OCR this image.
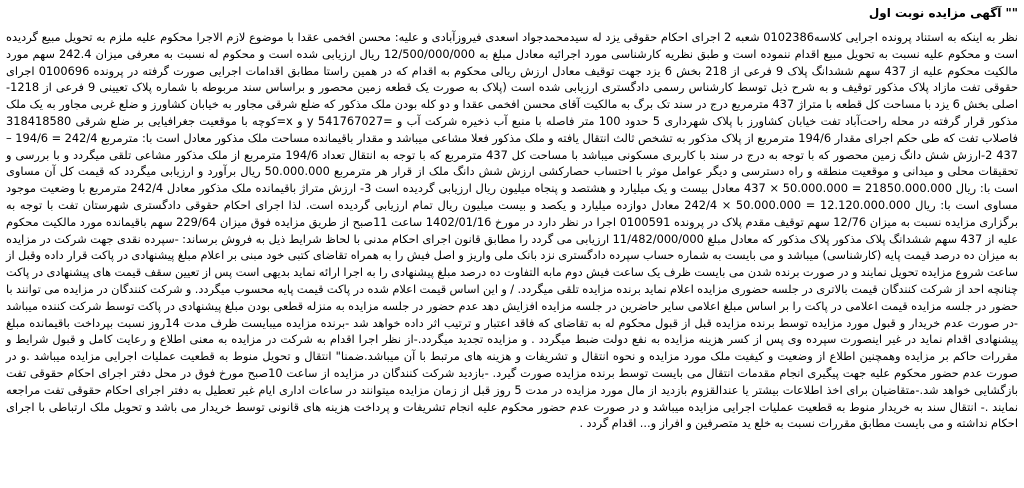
"" آگهی مزایده نوبت اول

نظر به اینکه به استناد پرونده اجرایی کلاسه0102386 شعبه 2 اجرای احکام حقوقی یزد له سیدمحمدجواد اسعدی فیروزآبادی و علیه: محسن افخمی عقدا با موضوع لازم الاجرا محکوم علیه ملزم به تحویل مبیع گردیده است و محکوم علیه نسبت به تحویل مبیع اقدام ننموده است و طبق نظریه کارشناسی مورد اجرائیه معادل مبلغ به 12/500/000/000 ریال ارزیابی شده است و محکوم له نسبت به معرفی میزان 242.4 سهم مورد مالکیت محکوم علیه از 437 سهم ششدانگ پلاک 9 فرعی از 218 بخش 6 یزد جهت توقیف معادل ارزش ریالی محکوم به اقدام که در همین راستا مطابق اقدامات اجرایی صورت گرفته در پرونده 0100696 اجرای حقوقی تفت مازاد پلاک مذکور توقیف و به شرح ذیل توسط کارشناس رسمی دادگستری ارزیابی شده است (پلاک به صورت یک قطعه زمین محصور و براساس سند مربوطه با شماره پلاک تعیینی 9 فرعی از 1218- اصلی بخش 6 یزد با مساحت کل قطعه با متراژ 437 مترمربع درج در سند تک برگ به مالکیت آقای محسن افخمی عقدا و دو کله بودن ملک مذکور که ضلع شرقی مجاور به خیابان کشاورز و ضلع غربی مجاور به یک ملک مذکور قرار گرفته در محله راحت‌آباد تفت خیابان کشاورز با پلاک شهرداری 5 حدود 100 متر فاصله با منبع آب ذخیره شرکت آب و =y 541767027 و x=کوچه با موقعیت جغرافیایی بر ضلع شرقی 318418580 فاصلاب تفت که طی حکم اجرای مقدار 194/6 مترمربع از پلاک مذکور به تشخص ثالث انتقال یافته و ملک مذکور فعلا مشاعی میباشد و مقدار باقیمانده مساحت ملک مذکور معادل است با: مترمربع 242/4 = 194/6 – 437 2-ارزش شش دانگ زمین محصور که با توجه به درج در سند با کاربری مسکونی میباشد با مساحت کل 437 مترمربع که با توجه به انتقال تعداد 194/6 مترمربع از ملک مذکور مشاعی تلقی میگردد و با بررسی و تحقیقات محلی و میدانی و موقعیت منطقه و راه دسترسی و دیگر عوامل موثر با احتساب حصارکشی ارزش شش دانگ ملک از قرار هر مترمربع 50.000.000 ریال برآورد و ارزیابی میگردد که قیمت کل آن مساوی است با: ریال 21850.000.000 = 50.000.000 × 437 معادل بیست و یک میلیارد و هشتصد و پنجاه میلیون ریال ارزیابی گردیده است 3- ارزش متراژ باقیمانده ملک مذکور معادل 242/4 مترمربع با وضعیت موجود مساوی است با: ریال 12.120.000.000 = 50.000.000 × 242/4 معادل دوازده میلیارد و یکصد و بیست میلیون ریال تمام ارزیابی گردیده است. لذا اجرای احکام حقوقی دادگستری شهرستان تفت با توجه به برگزاری مزایده نسبت به میزان 12/76 سهم توقیف مقدم پلاک در پرونده 0100591 اجرا در نظر دارد در مورخ 1402/01/16 ساعت 11صبح از طریق مزایده فوق میزان 229/64 سهم باقیمانده مورد مالکیت محکوم علیه از 437 سهم ششدانگ پلاک مذکور پلاک مذکور که معادل مبلغ 11/482/000/000 ارزیابی می گردد را مطابق قانون اجرای احکام مدنی با لحاظ شرایط ذیل به فروش برساند: -سپرده نقدی جهت شرکت در مزایده به میزان ده درصد قیمت پایه (کارشناسی) میباشد و می بایست به شماره حساب سپرده دادگستری نزد بانک ملی واریز و اصل فیش را به همراه تقاضای کتبی خود مبنی بر اعلام مبلغ پیشنهادی در پاکت قرار داده وقبل از ساعت شروع مزایده تحویل نمایند و در صورت برنده شدن می بایست ظرف یک ساعت فیش دوم مابه التفاوت ده درصد مبلغ پیشنهادی را به اجرا ارائه نماید بدیهی است پس از تعیین سقف قیمت های پیشنهادی در پاکت چنانچه احد از شرکت کنندگان قیمت بالاتری در جلسه حضوری مزایده اعلام نماید برنده مزایده تلقی میگردد. / و این اساس قیمت اعلام شده در پاکت قیمت پایه محسوب میگردد. و شرکت کنندگان در مزایده می توانند با حضور در جلسه مزایده قیمت اعلامی در پاکت را بر اساس مبلغ اعلامی سایر حاضرین در جلسه مزایده افزایش دهد عدم حضور در جلسه مزایده به منزله قطعی بودن مبلغ پیشنهادی در پاکت توسط شرکت کننده میباشد -در صورت عدم خریدار و قبول مورد مزایده توسط برنده مزایده قبل از قبول محکوم له به تقاضای که فاقد اعتبار و ترتیب اثر داده خواهد شد -برنده مزایده میبایست ظرف مدت 14روز نسبت بپرداخت باقیمانده مبلغ پیشنهادی اقدام نماید در غیر اینصورت سپرده وی پس از کسر هزینه مزایده به نفع دولت ضبط میگردد . و مزایده تجدید میگردد.-از نظر اجرا اقدام به شرکت در مزایده به معنی اطلاع و رعایت کامل و قبول شرایط و مقررات حاکم بر مزایده وهمچنین اطلاع از وضعیت و کیفیت ملک مورد مزایده و نحوه انتقال و تشریفات و هزینه های مرتبط با آن میباشد.ضمنا" انتقال و تحویل منوط به قطعیت عملیات اجرایی مزایده میباشد .و در صورت عدم حضور محکوم علیه جهت پیگیری انجام مقدمات انتقال می بایست توسط برنده مزایده صورت گیرد. -بازدید شرکت کنندگان در مزایده از ساعت 10صبح مورخ فوق در محل دفتر اجرای احکام حقوقی تفت بازگشایی خواهد شد.-متقاضیان برای اخذ اطلاعات بیشتر یا عندالقزوم بازدید از مال مورد مزایده در مدت 5 روز قبل از زمان مزایده میتوانند در ساعات اداری ایام غیر تعطیل به دفتر اجرای احکام حقوقی تفت مراجعه نمایند .- انتقال سند به خریدار منوط به قطعیت عملیات اجرایی مزایده میباشد و در صورت عدم حضور محکوم علیه انجام تشریفات و پرداخت هزینه های قانونی توسط خریدار می باشد و تحویل ملک ارتباطی با اجرای احکام نداشته و می بایست مطابق مقررات نسبت به خلع ید متصرفین و افراز و... اقدام گردد .
